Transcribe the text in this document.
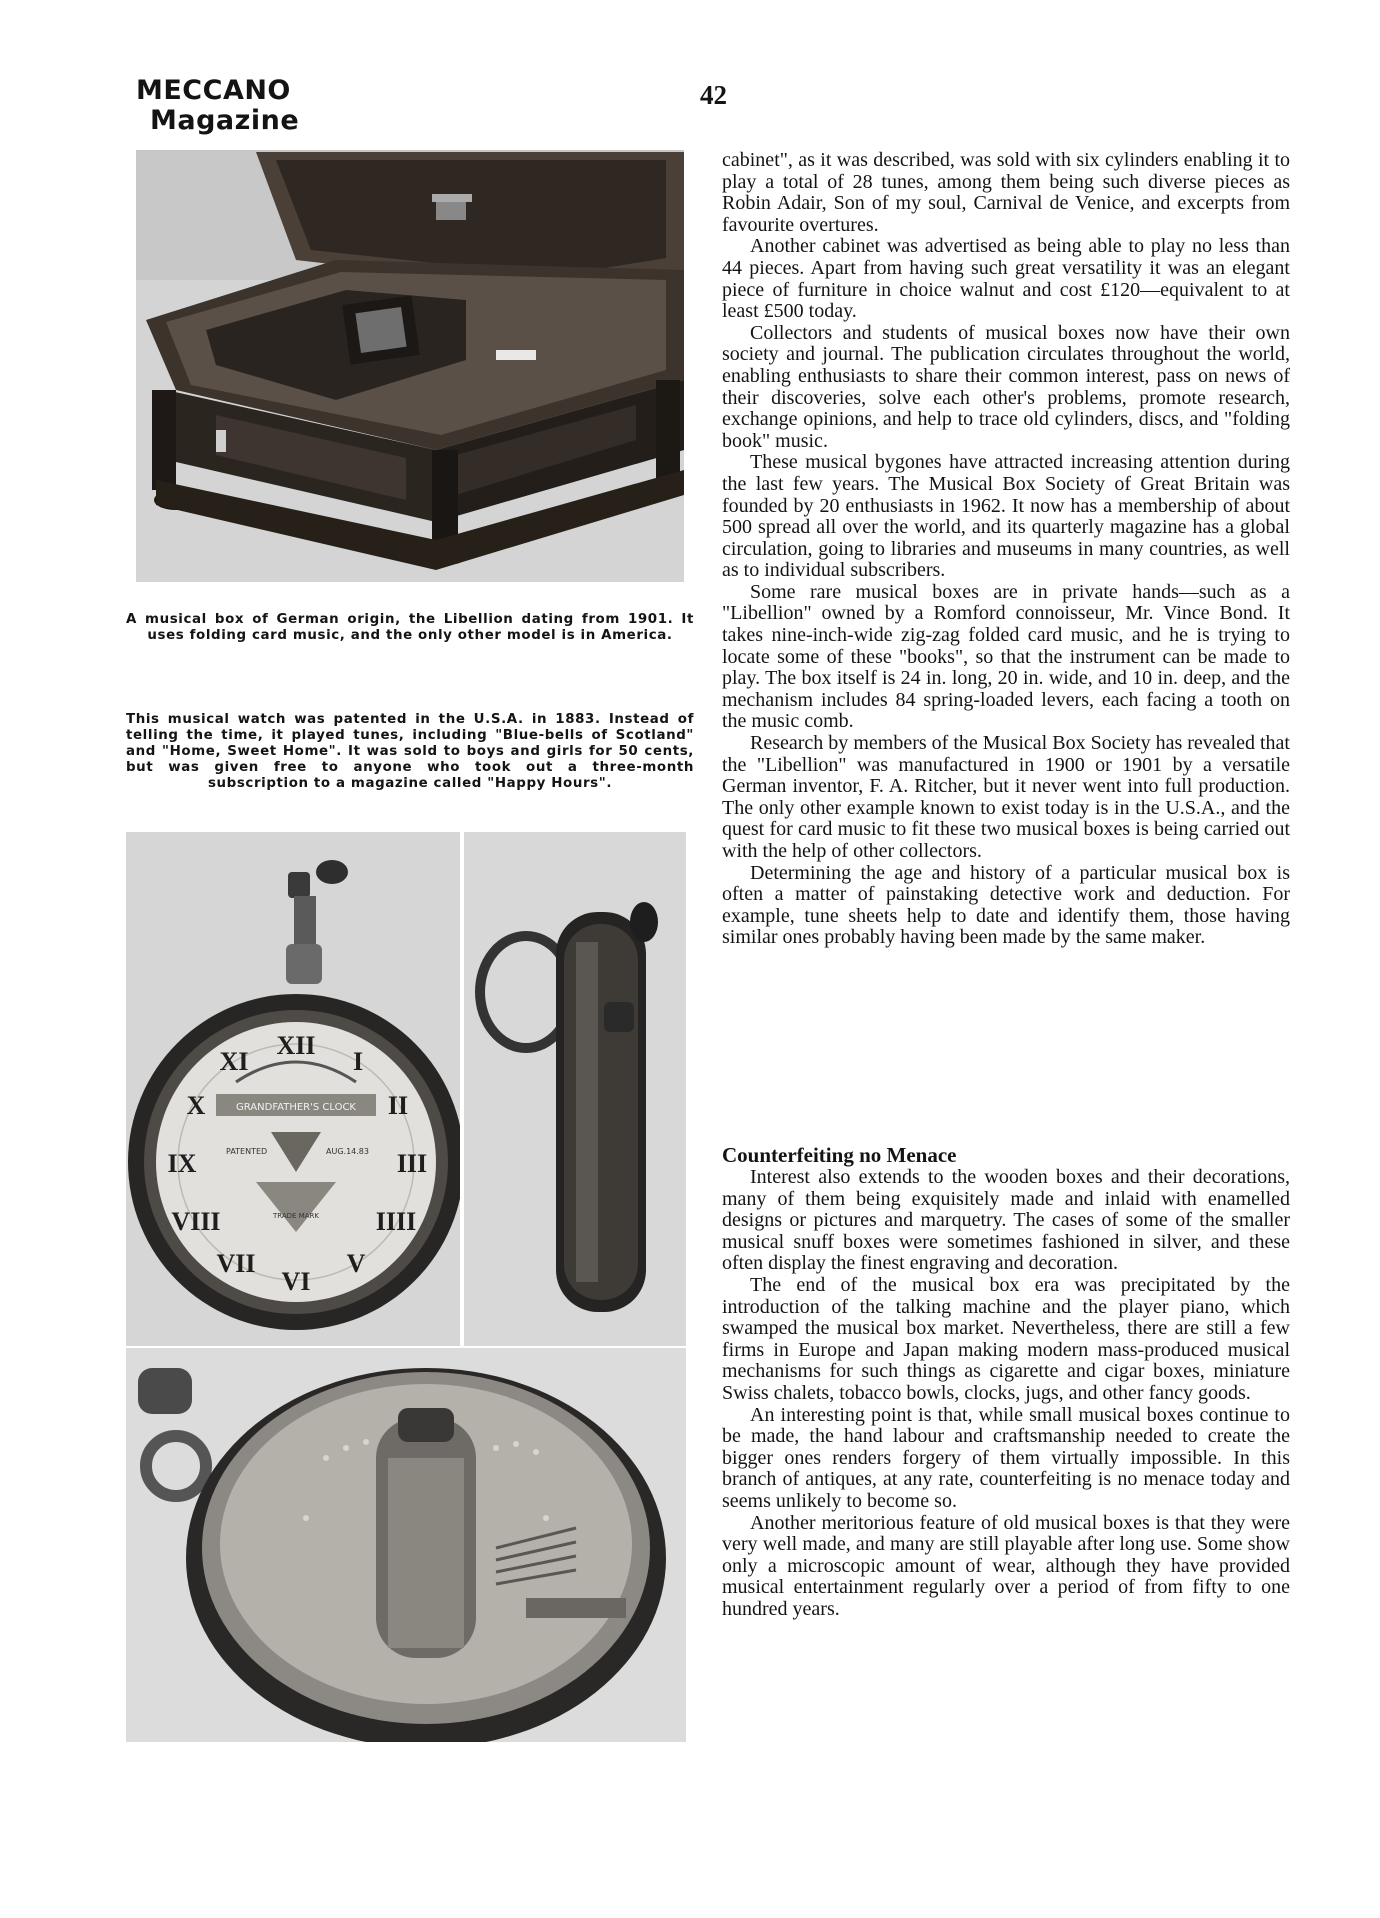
MECCANO
Magazine
42
A musical box of German origin, the Libellion dating from 1901. It uses folding card music, and the only other model is in America.
This musical watch was patented in the U.S.A. in 1883. Instead of telling the time, it played tunes, including "Blue-bells of Scotland" and "Home, Sweet Home". It was sold to boys and girls for 50 cents, but was given free to anyone who took out a three-month subscription to a magazine called "Happy Hours".
GRANDFATHER'S CLOCK
PATENTED	AUG.14.83
TRADE MARK
XII
I
II
III
IIII
V
VI
VII
VIII
IX
X
XI

cabinet", as it was described, was sold with six cylinders enabling it to play a total of 28 tunes, among them being such diverse pieces as Robin Adair, Son of my soul, Carnival de Venice, and excerpts from favourite overtures.

Another cabinet was advertised as being able to play no less than 44 pieces. Apart from having such great versatility it was an elegant piece of furniture in choice walnut and cost £120—equivalent to at least £500 today.

Collectors and students of musical boxes now have their own society and journal. The publication circulates throughout the world, enabling enthusiasts to share their common interest, pass on news of their discoveries, solve each other's problems, promote research, exchange opinions, and help to trace old cylinders, discs, and "folding book" music.

These musical bygones have attracted increasing attention during the last few years. The Musical Box Society of Great Britain was founded by 20 enthusiasts in 1962. It now has a membership of about 500 spread all over the world, and its quarterly magazine has a global circulation, going to libraries and museums in many countries, as well as to individual subscribers.

Some rare musical boxes are in private hands—such as a "Libellion" owned by a Romford connoisseur, Mr. Vince Bond. It takes nine-inch-wide zig-zag folded card music, and he is trying to locate some of these "books", so that the instrument can be made to play. The box itself is 24 in. long, 20 in. wide, and 10 in. deep, and the mechanism includes 84 spring-loaded levers, each facing a tooth on the music comb.

Research by members of the Musical Box Society has revealed that the "Libellion" was manufactured in 1900 or 1901 by a versatile German inventor, F. A. Ritcher, but it never went into full production. The only other example known to exist today is in the U.S.A., and the quest for card music to fit these two musical boxes is being carried out with the help of other collectors.

Determining the age and history of a particular musical box is often a matter of painstaking detective work and deduction. For example, tune sheets help to date and identify them, those having similar ones probably having been made by the same maker.

Counterfeiting no Menace

Interest also extends to the wooden boxes and their decorations, many of them being exquisitely made and inlaid with enamelled designs or pictures and marquetry. The cases of some of the smaller musical snuff boxes were sometimes fashioned in silver, and these often display the finest engraving and decoration.

The end of the musical box era was precipitated by the introduction of the talking machine and the player piano, which swamped the musical box market. Nevertheless, there are still a few firms in Europe and Japan making modern mass-produced musical mechanisms for such things as cigarette and cigar boxes, miniature Swiss chalets, tobacco bowls, clocks, jugs, and other fancy goods.

An interesting point is that, while small musical boxes continue to be made, the hand labour and craftsmanship needed to create the bigger ones renders forgery of them virtually impossible. In this branch of antiques, at any rate, counterfeiting is no menace today and seems unlikely to become so.

Another meritorious feature of old musical boxes is that they were very well made, and many are still playable after long use. Some show only a microscopic amount of wear, although they have provided musical entertainment regularly over a period of from fifty to one hundred years.
